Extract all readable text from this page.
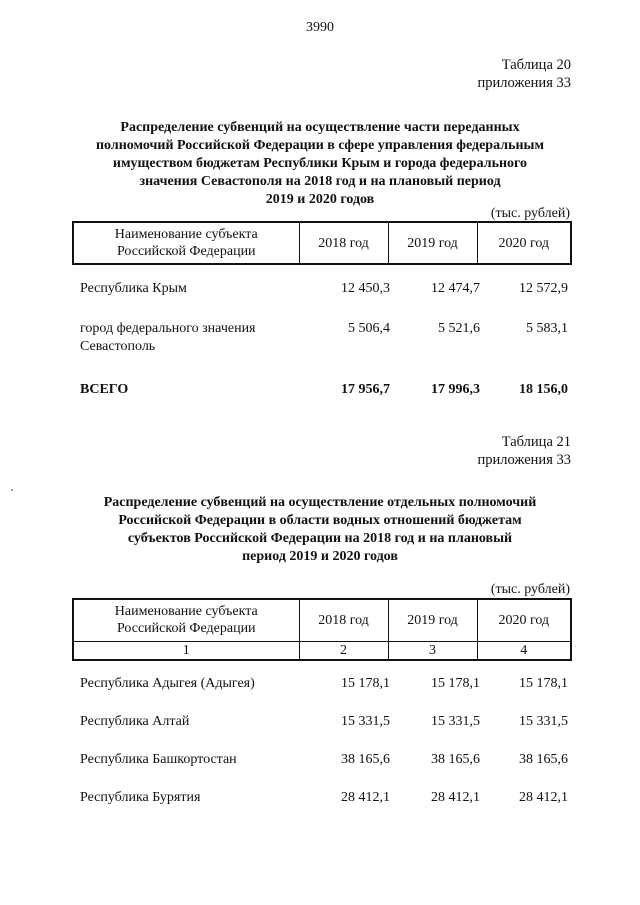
3990
Таблица 20
приложения 33
Распределение субвенций на осуществление части переданных
полномочий Российской Федерации в сфере управления федеральным
имуществом бюджетам Республики Крым и города федерального
значения Севастополя на 2018 год и на плановый период
2019 и 2020 годов
(тыс. рублей)
Наименование субъекта
Российской Федерации
	2018 год	2019 год	2020 год
Республика Крым	12 450,3	12 474,7	12 572,9
город федерального значения
Севастополь
5 506,4	5 521,6	5 583,1
ВСЕГО	17 956,7	17 996,3	18 156,0
Таблица 21
приложения 33
Распределение субвенций на осуществление отдельных полномочий
Российской Федерации в области водных отношений бюджетам
субъектов Российской Федерации на 2018 год и на плановый
период 2019 и 2020 годов
(тыс. рублей)
Наименование субъекта
Российской Федерации	2018 год	2019 год	2020 год
1	2	3	4
Республика Адыгея (Адыгея)	15 178,1	15 178,1	15 178,1
Республика Алтай	15 331,5	15 331,5	15 331,5
Республика Башкортостан	38 165,6	38 165,6	38 165,6
Республика Бурятия	28 412,1	28 412,1	28 412,1
